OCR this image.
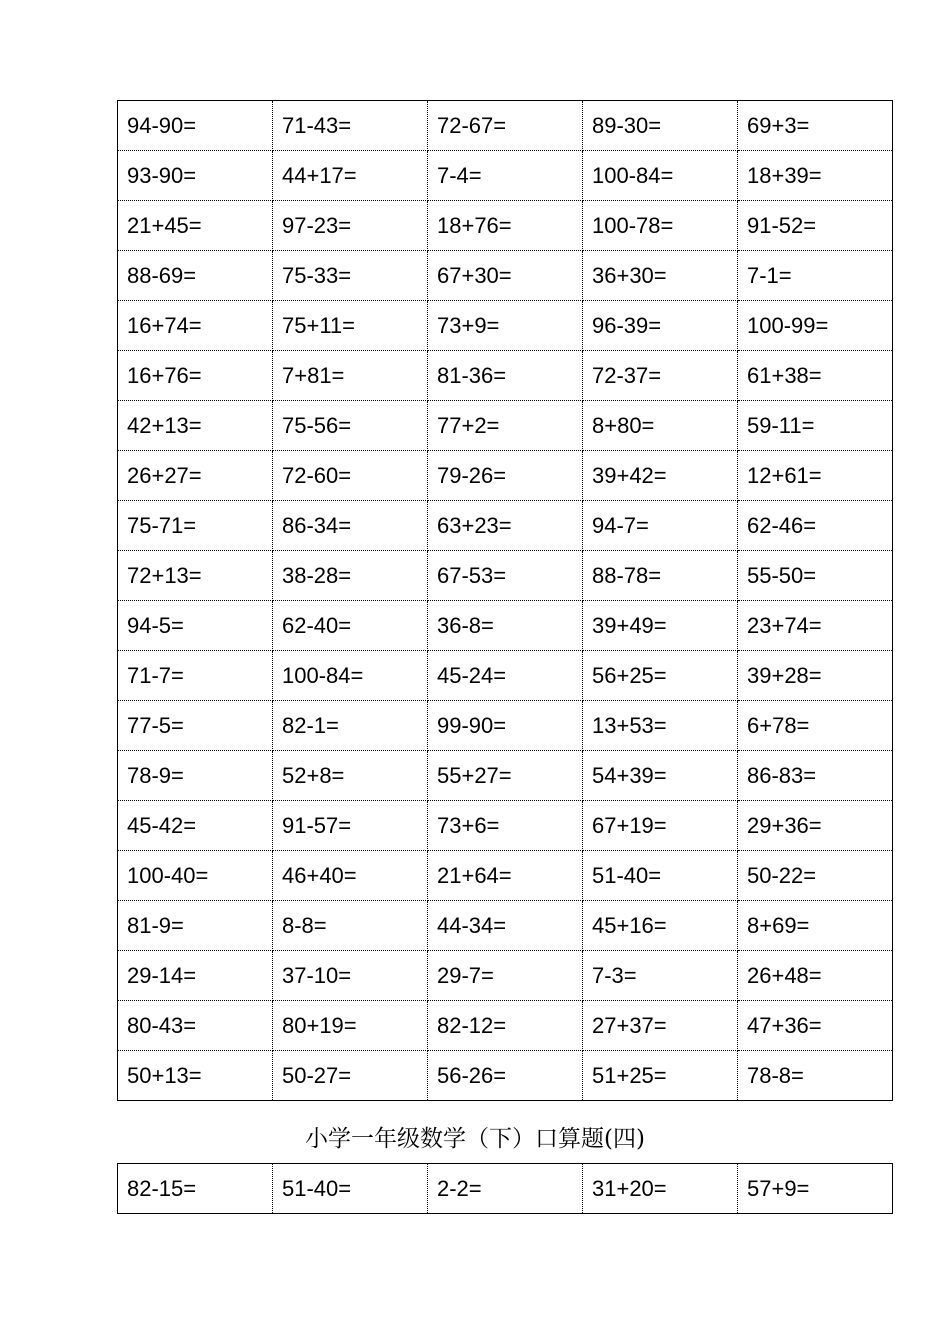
94-90=	71-43=	72-67=	89-30=	69+3=
93-90=	44+17=	7-4=	100-84=	18+39=
21+45=	97-23=	18+76=	100-78=	91-52=
88-69=	75-33=	67+30=	36+30=	7-1=
16+74=	75+11=	73+9=	96-39=	100-99=
16+76=	7+81=	81-36=	72-37=	61+38=
42+13=	75-56=	77+2=	8+80=	59-11=
26+27=	72-60=	79-26=	39+42=	12+61=
75-71=	86-34=	63+23=	94-7=	62-46=
72+13=	38-28=	67-53=	88-78=	55-50=
94-5=	62-40=	36-8=	39+49=	23+74=
71-7=	100-84=	45-24=	56+25=	39+28=
77-5=	82-1=	99-90=	13+53=	6+78=
78-9=	52+8=	55+27=	54+39=	86-83=
45-42=	91-57=	73+6=	67+19=	29+36=
100-40=	46+40=	21+64=	51-40=	50-22=
81-9=	8-8=	44-34=	45+16=	8+69=
29-14=	37-10=	29-7=	7-3=	26+48=
80-43=	80+19=	82-12=	27+37=	47+36=
50+13=	50-27=	56-26=	51+25=	78-8=
小学一年级数学（下）口算题(四)
82-15=	51-40=	2-2=	31+20=	57+9=
